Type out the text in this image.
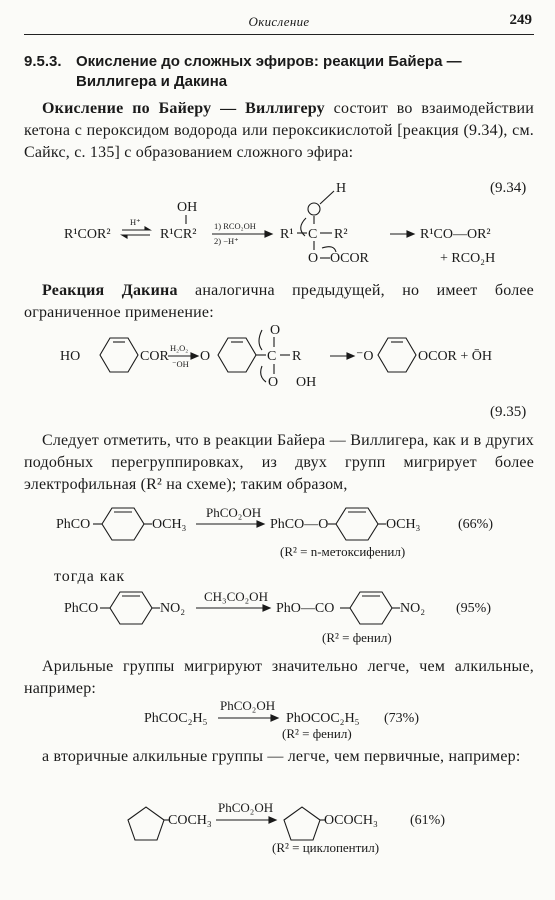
Окисление	249
9.5.3. Окисление до сложных эфиров: реакции Байера —
Виллигера и Дакина
Окисление по Байеру — Виллигеру состоит во взаимодействии кетона с пероксидом водорода или пероксикислотой [реакция (9.34), см. Сайкс, с. 135] с образованием сложного эфира:
(9.34)
R¹COR²
H⁺
OH
R¹CR²
1) RCO₂OH
2) −H⁺	R¹ C R²
H
O OCOR
R¹CO—OR²
+ RCO₂H
Реакция Дакина аналогична предыдущей, но имеет более ограниченное применение:
HO	COR
H₂O₂
⁻OH O	C
O
R
O OH
⁻O	OCOR + ŌH
(9.35)
Следует отметить, что в реакции Байера — Виллигера, как и в других подобных перегруппировках, из двух групп мигрирует более электрофильная (R² на схеме); таким образом,
PhCO	OCH₃
PhCO₂OH
PhCO—O	OCH₃	(66%)
(R² = n-метоксифенил)
тогда как
PhCO	NO₂
CH₃CO₂OH
PhO—CO	NO₂ (95%)
(R² = фенил)
Арильные группы мигрируют значительно легче, чем алкильные, например:
PhCOC₂H₅
PhCO₂OH
PhOCOC₂H₅ (73%)
(R² = фенил)
а вторичные алкильные группы — легче, чем первичные, например:
COCH₃
PhCO₂OH
OCOCH₃ (61%)
(R² = циклопентил)
